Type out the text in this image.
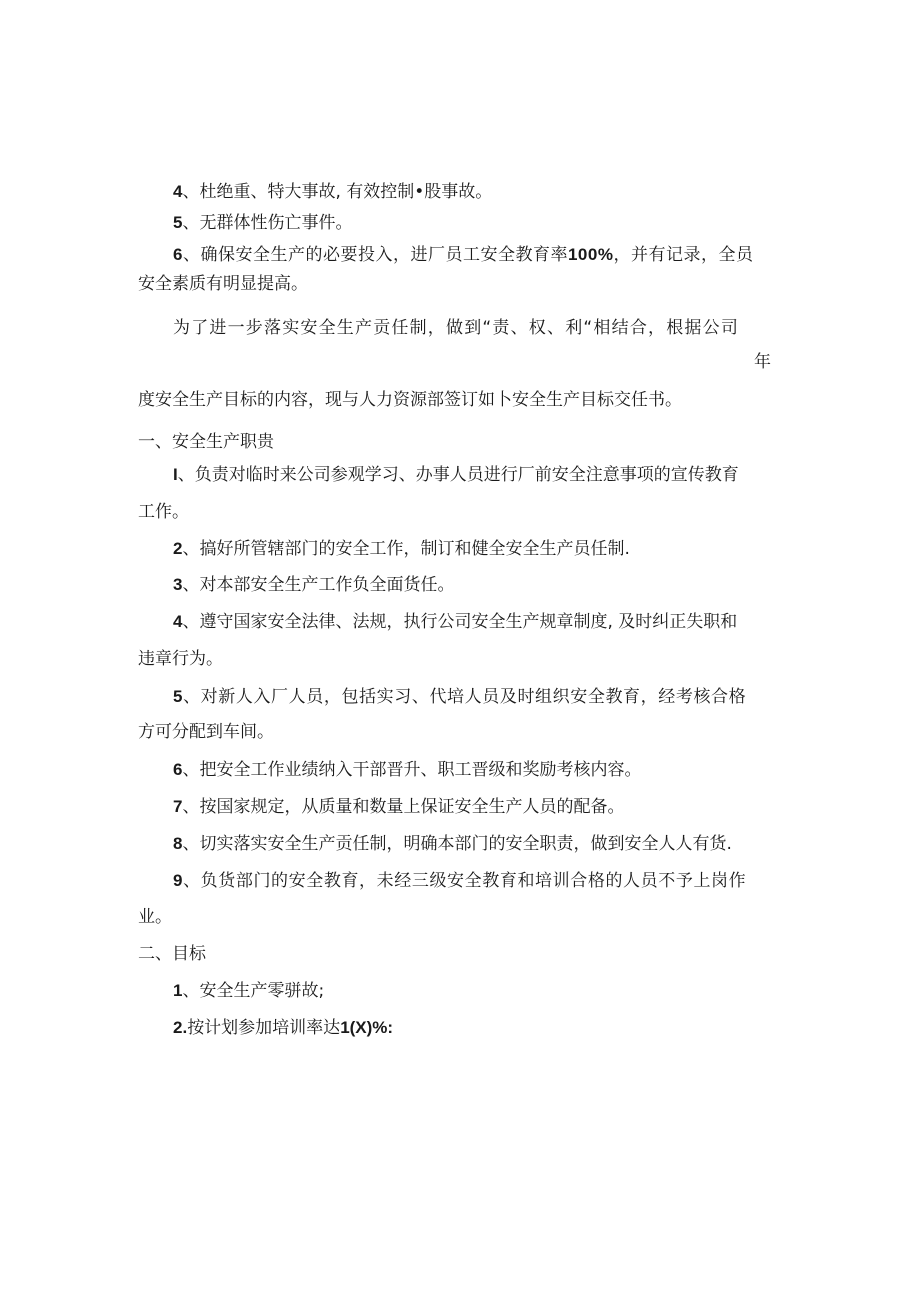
4、杜绝重、特大事故, 有效控制•股事故。
5、无群体性伤亡事件。
6、确保安全生产的必要投入，进厂员工安全教育率100%，并有记录，全员
安全素质有明显提高。
为了进一步落实安全生产贡任制，做到“责、权、利“相结合，根据公司
年
度安全生产目标的内容，现与人力资源部签订如卜安全生产目标交任书。
一、安全生产职贵
I、负责对临时来公司参观学习、办事人员进行厂前安全注意事项的宣传教育
工作。
2、搞好所管辖部门的安全工作，制订和健全安全生产员任制.
3、对本部安全生产工作负全面货任。
4、遵守国家安全法律、法规，执行公司安全生产规章制度, 及时纠正失职和
违章行为。
5、对新人入厂人员，包括实习、代培人员及时组织安全教育，经考核合格
方可分配到车间。
6、把安全工作业绩纳入干部晋升、职工晋级和奖励考核内容。
7、按国家规定，从质量和数量上保证安全生产人员的配备。
8、切实落实安全生产贡任制，明确本部门的安全职责，做到安全人人有货.
9、负货部门的安全教育，未经三级安全教育和培训合格的人员不予上岗作
业。
二、目标
1、安全生产零骈故;
2.按计划参加培训率达1(X)%:
